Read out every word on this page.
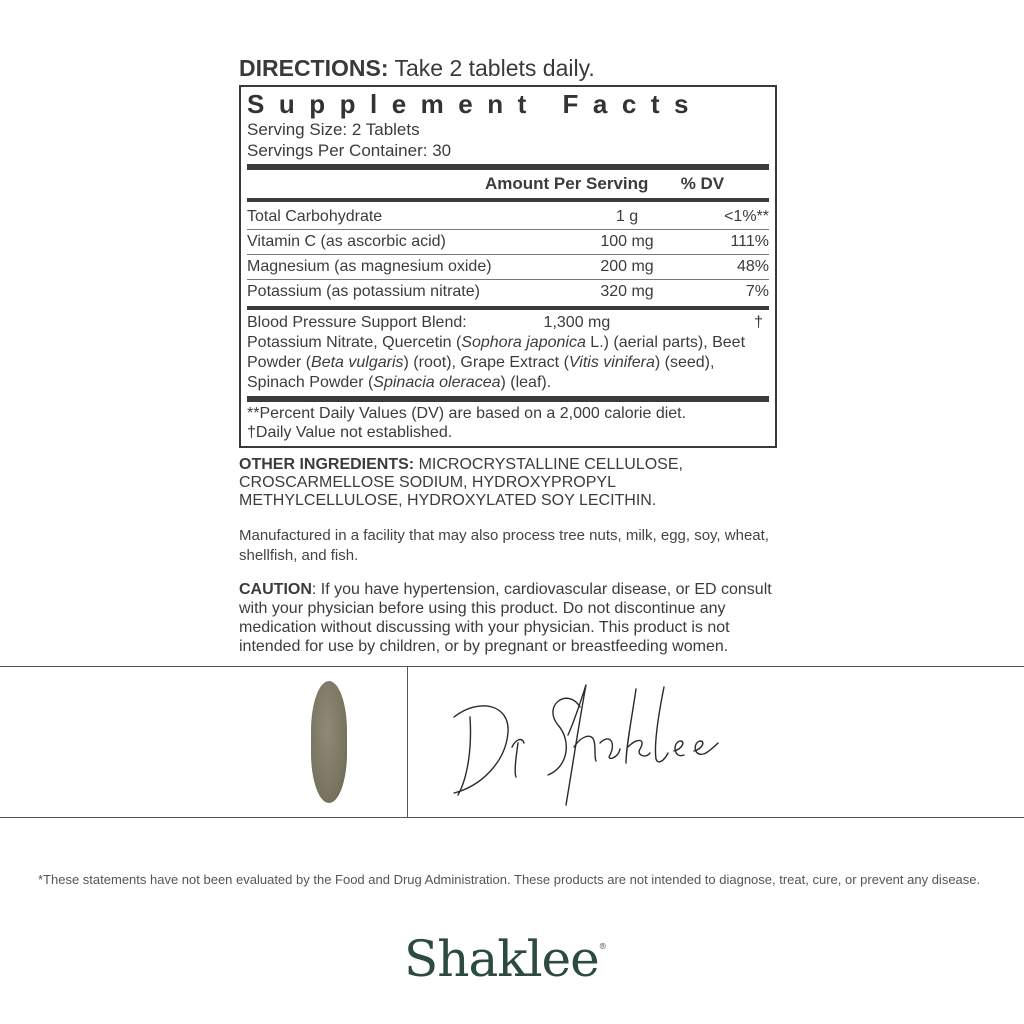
DIRECTIONS: Take 2 tablets daily.
Supplement Facts
Serving Size: 2 Tablets
Servings Per Container: 30
Amount Per Serving	% DV
Total Carbohydrate	1 g	<1%**
Vitamin C (as ascorbic acid)	100 mg	111%
Magnesium (as magnesium oxide)	200 mg	48%
Potassium (as potassium nitrate)	320 mg	7%
Blood Pressure Support Blend:	1,300 mg	†
Potassium Nitrate, Quercetin (Sophora japonica L.) (aerial parts), Beet Powder (Beta vulgaris) (root), Grape Extract (Vitis vinifera) (seed), Spinach Powder (Spinacia oleracea) (leaf).
**Percent Daily Values (DV) are based on a 2,000 calorie diet.
†Daily Value not established.
OTHER INGREDIENTS: MICROCRYSTALLINE CELLULOSE, CROSCARMELLOSE SODIUM, HYDROXYPROPYL METHYLCELLULOSE, HYDROXYLATED SOY LECITHIN.
Manufactured in a facility that may also process tree nuts, milk, egg, soy, wheat, shellfish, and fish.
CAUTION: If you have hypertension, cardiovascular disease, or ED consult with your physician before using this product. Do not discontinue any medication without discussing with your physician. This product is not intended for use by children, or by pregnant or breastfeeding women.
*These statements have not been evaluated by the Food and Drug Administration. These products are not intended to diagnose, treat, cure, or prevent any disease.
Shaklee®
